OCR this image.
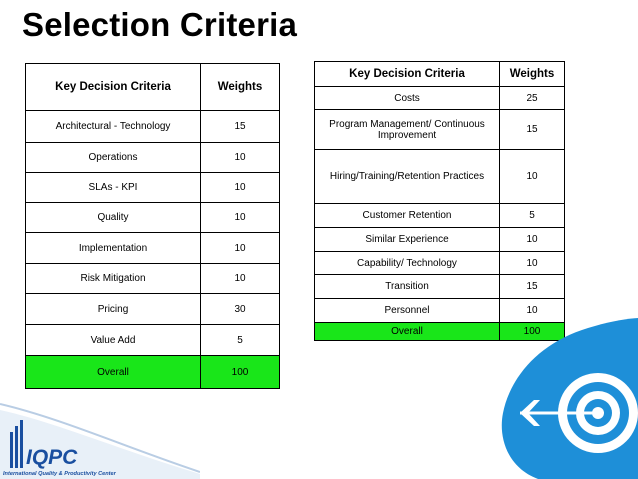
Selection Criteria
Key Decision Criteria	Weights
Architectural - Technology	15
Operations	10
SLAs - KPI	10
Quality	10
Implementation	10
Risk Mitigation	10
Pricing	30
Value Add	5
Overall	100
Key Decision Criteria	Weights
Costs	25
Program Management/ Continuous Improvement	15
Hiring/Training/Retention Practices	10
Customer Retention	5
Similar Experience	10
Capability/ Technology	10
Transition	15
Personnel	10
Overall	100
IQPC
International Quality & Productivity Center
